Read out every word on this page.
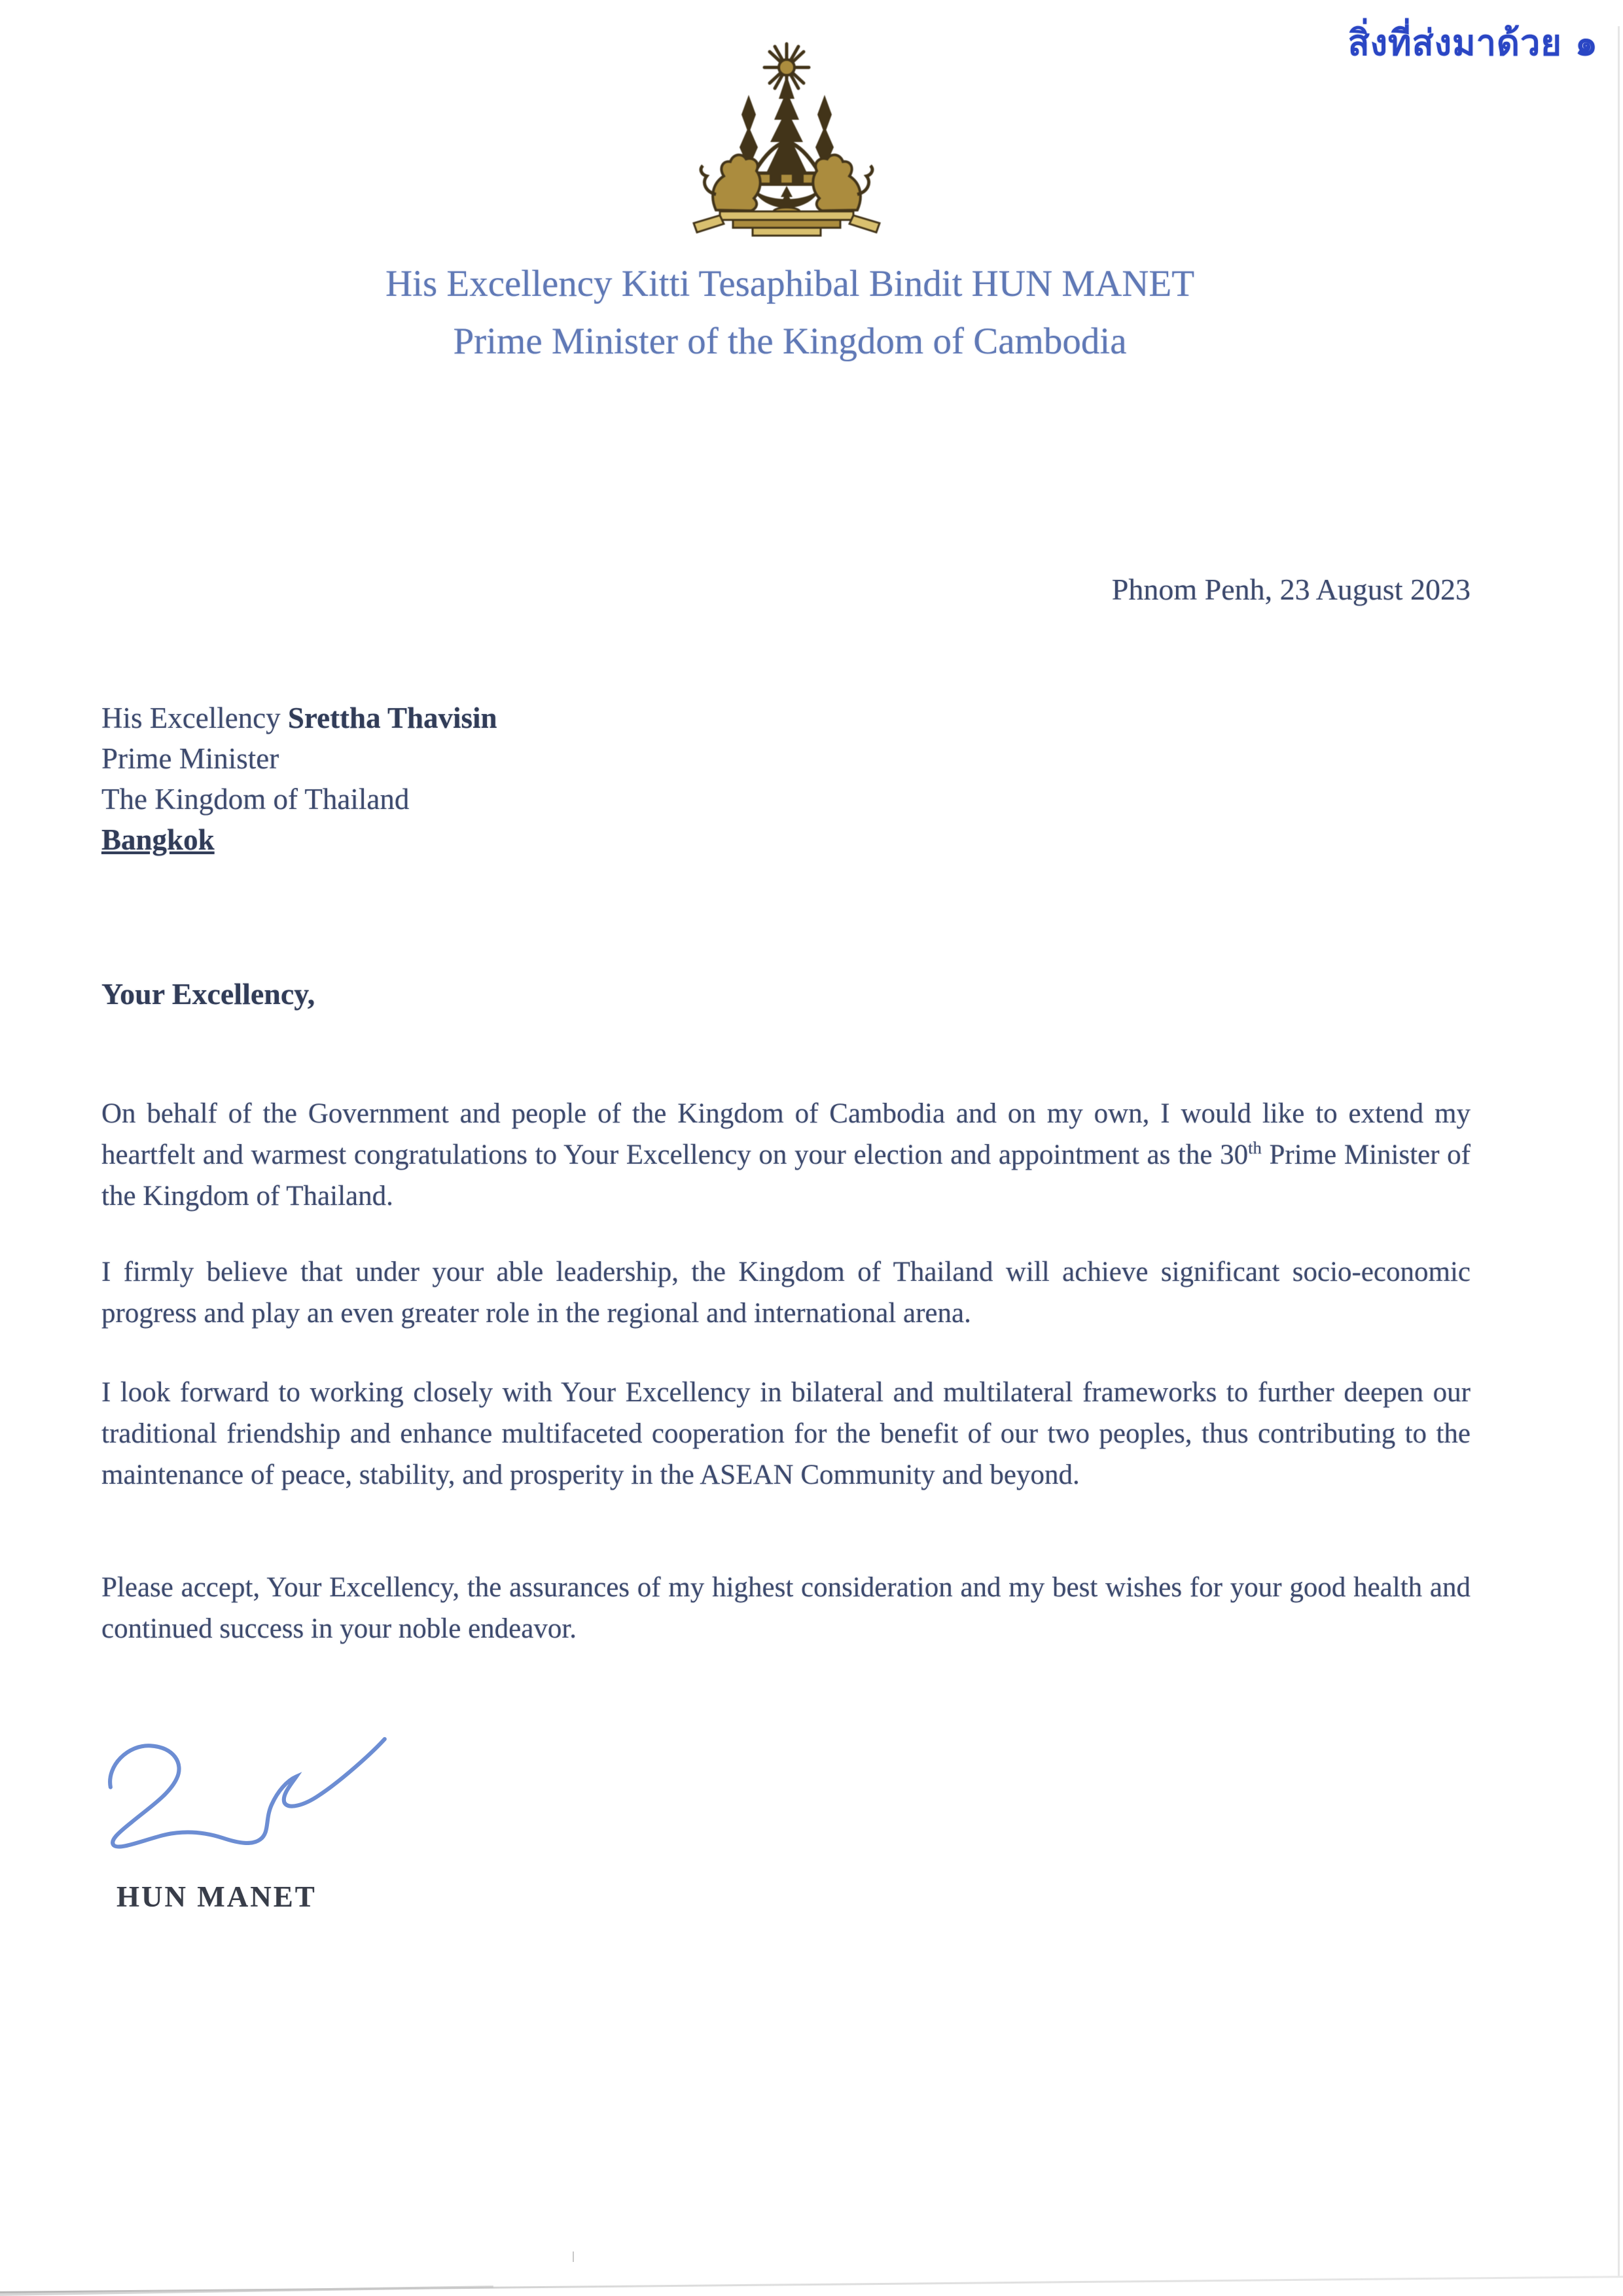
สิ่งที่ส่งมาด้วย ๑
His Excellency Kitti Tesaphibal Bindit HUN MANET
Prime Minister of the Kingdom of Cambodia
Phnom Penh, 23 August 2023
His Excellency Srettha Thavisin
Prime Minister
The Kingdom of Thailand
Bangkok
Your Excellency,

On behalf of the Government and people of the Kingdom of Cambodia and on my own, I would like to extend my heartfelt and warmest congratulations to Your Excellency on your election and appointment as the 30th Prime Minister of the Kingdom of Thailand.

I firmly believe that under your able leadership, the Kingdom of Thailand will achieve significant socio-economic progress and play an even greater role in the regional and international arena.

I look forward to working closely with Your Excellency in bilateral and multilateral frameworks to further deepen our traditional friendship and enhance multifaceted cooperation for the benefit of our two peoples, thus contributing to the maintenance of peace, stability, and prosperity in the ASEAN Community and beyond.

Please accept, Your Excellency, the assurances of my highest consideration and my best wishes for your good health and continued success in your noble endeavor.

HUN MANET
